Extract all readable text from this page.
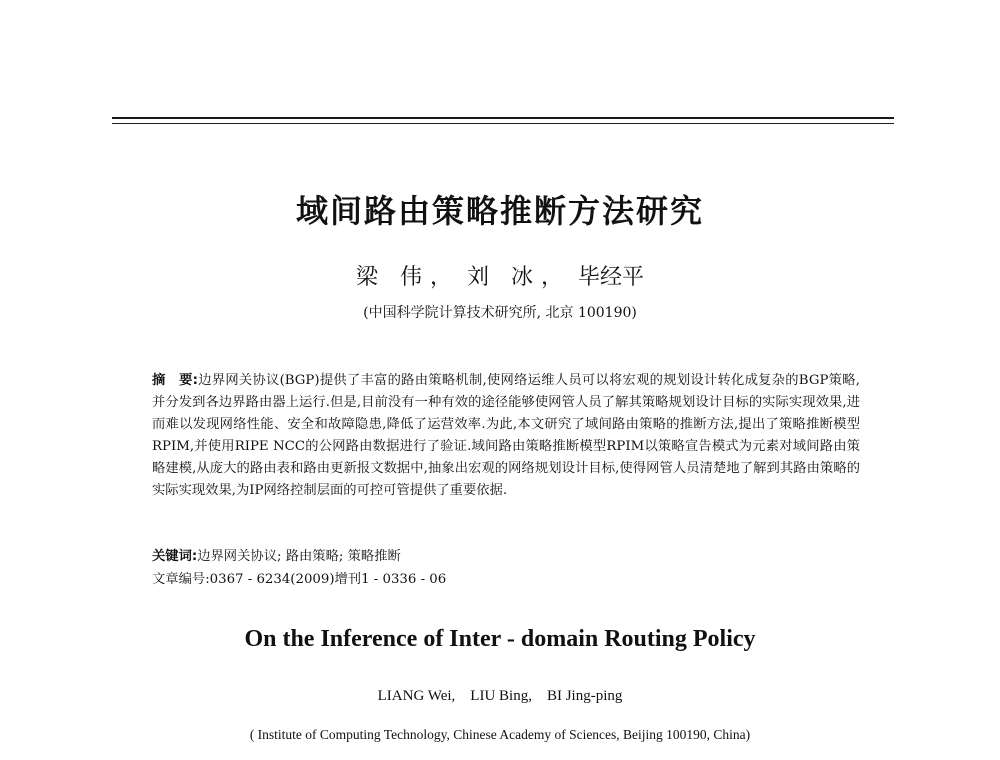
域间路由策略推断方法研究

梁　伟 ， 刘　冰 ， 毕经平

(中国科学院计算技术研究所, 北京 100190)

摘　要:边界网关协议(BGP)提供了丰富的路由策略机制,使网络运维人员可以将宏观的规划设计转化成复杂的BGP策略,并分发到各边界路由器上运行.但是,目前没有一种有效的途径能够使网管人员了解其策略规划设计目标的实际实现效果,进而难以发现网络性能、安全和故障隐患,降低了运营效率.为此,本文研究了域间路由策略的推断方法,提出了策略推断模型RPIM,并使用RIPE NCC的公网路由数据进行了验证.域间路由策略推断模型RPIM以策略宣告模式为元素对域间路由策略建模,从庞大的路由表和路由更新报文数据中,抽象出宏观的网络规划设计目标,使得网管人员清楚地了解到其路由策略的实际实现效果,为IP网络控制层面的可控可管提供了重要依据.

关键词:边界网关协议; 路由策略; 策略推断

文章编号:0367 - 6234(2009)增刊1 - 0336 - 06

On the Inference of Inter - domain Routing Policy

LIANG Wei,　LIU Bing,　BI Jing-ping

( Institute of Computing Technology, Chinese Academy of Sciences, Beijing 100190, China)
